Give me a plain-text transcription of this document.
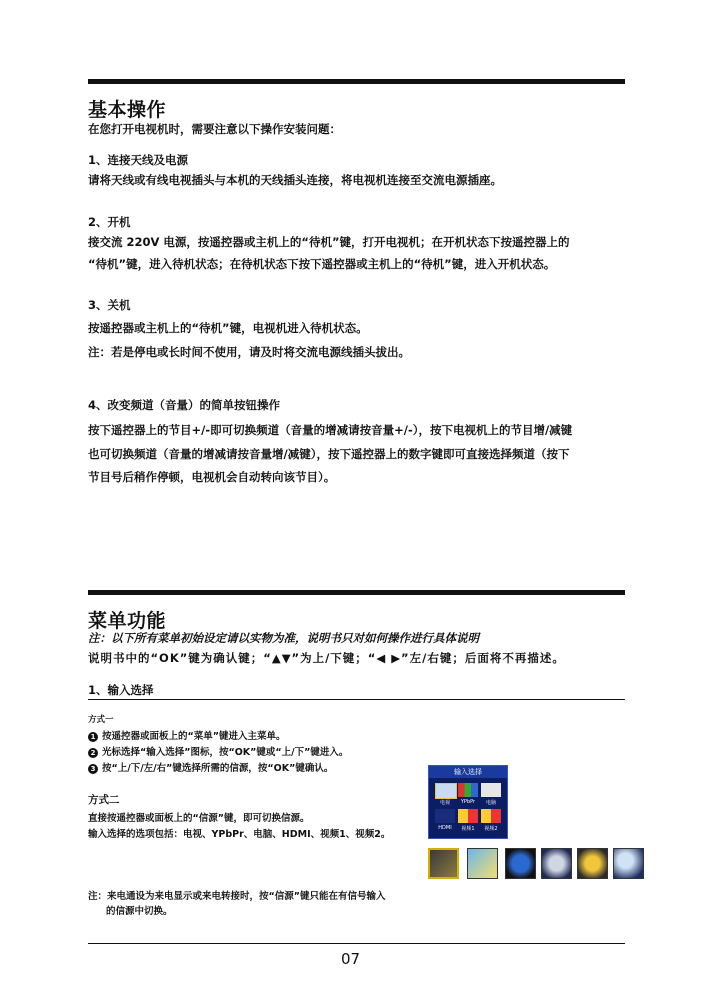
基本操作
在您打开电视机时，需要注意以下操作安装问题：
1、连接天线及电源
请将天线或有线电视插头与本机的天线插头连接，将电视机连接至交流电源插座。
2、开机
接交流 220V 电源，按遥控器或主机上的“待机”键，打开电视机；在开机状态下按遥控器上的
“待机”键，进入待机状态；在待机状态下按下遥控器或主机上的“待机”键，进入开机状态。
3、关机
按遥控器或主机上的“待机”键，电视机进入待机状态。
注：若是停电或长时间不使用，请及时将交流电源线插头拔出。
4、改变频道（音量）的简单按钮操作
按下遥控器上的节目+/-即可切换频道（音量的增减请按音量+/-），按下电视机上的节目增/减键
也可切换频道（音量的增减请按音量增/减键），按下遥控器上的数字键即可直接选择频道（按下
节目号后稍作停顿，电视机会自动转向该节目）。
菜单功能
注：以下所有菜单初始设定请以实物为准，说明书只对如何操作进行具体说明
说明书中的“OK”键为确认键；“▲▼”为上/下键；“◀ ▶”左/右键；后面将不再描述。
1、输入选择
方式一
1 按遥控器或面板上的“菜单”键进入主菜单。
2 光标选择“输入选择”图标，按“OK”键或“上/下”键进入。
3 按“上/下/左/右”键选择所需的信源，按“OK”键确认。
方式二
直接按遥控器或面板上的“信源”键，即可切换信源。
输入选择的选项包括：电视、YPbPr、电脑、HDMI、视频1、视频2。
输入选择
电视	YPbPr	电脑
HDMI	视频1	视频2
注：来电通设为来电显示或来电转接时，按“信源”键只能在有信号输入
的信源中切换。
07
